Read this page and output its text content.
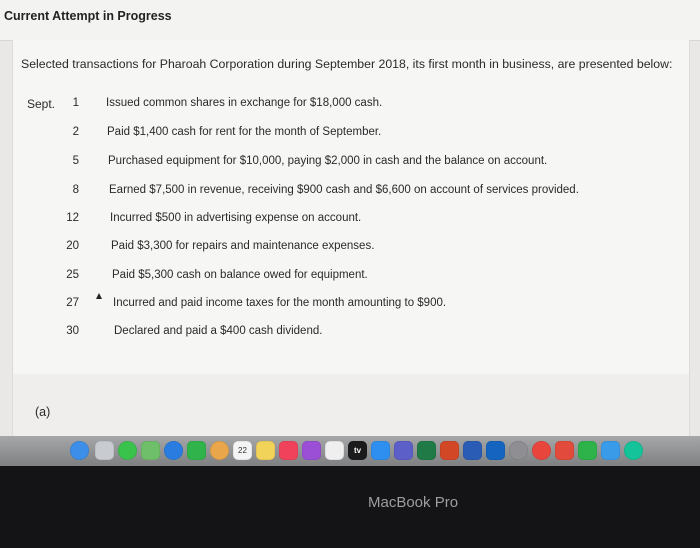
Current Attempt in Progress
Selected transactions for Pharoah Corporation during September 2018, its first month in business, are presented below:
Sept.	1 Issued common shares in exchange for $18,000 cash.
2 Paid $1,400 cash for rent for the month of September.
5	Purchased equipment for $10,000, paying $2,000 in cash and the balance on account.
8	Earned $7,500 in revenue, receiving $900 cash and $6,600 on account of services provided.
12	Incurred $500 in advertising expense on account.
20	Paid $3,300 for repairs and maintenance expenses.
25	Paid $5,300 cash on balance owed for equipment.
27	Incurred and paid income taxes for the month amounting to $900.
30	Declared and paid a $400 cash dividend.
(a)
22	tv
MacBook Pro
